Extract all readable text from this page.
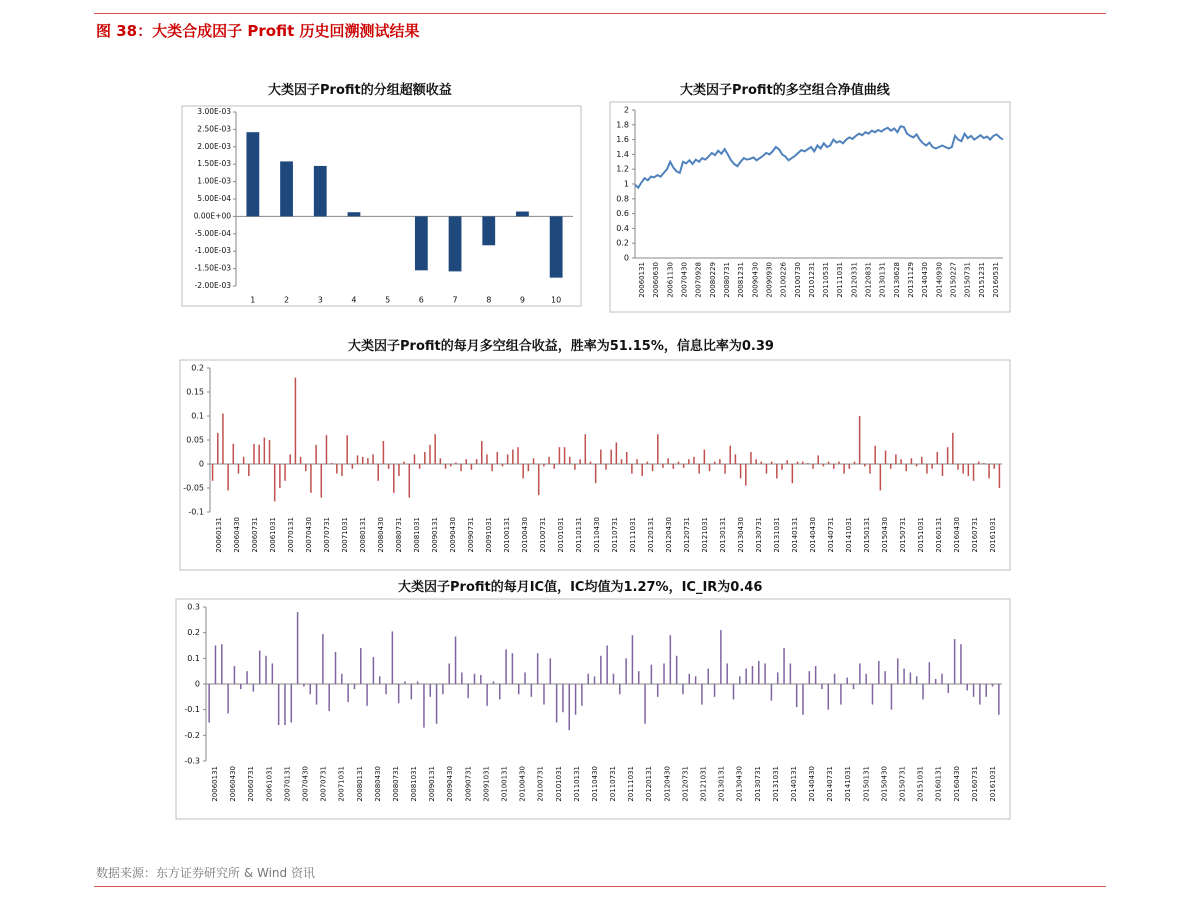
图 38：大类合成因子 Profit 历史回溯测试结果
大类因子Profit的分组超额收益	大类因子Profit的多空组合净值曲线
大类因子Profit的每月多空组合收益，胜率为51.15%，信息比率为0.39
大类因子Profit的每月IC值，IC均值为1.27%，IC_IR为0.46
3.00E-03
2.50E-03
2.00E-03
1.50E-03
1.00E-03
5.00E-04
0.00E+00
-5.00E-04
-1.00E-03
-1.50E-03
-2.00E-03
1	2	3	4	5	6	7	8	9	10
0
0.2
0.4
0.6
0.8
1
1.2
1.4
1.6
1.8
2
20060131 20060630 20061130 20070430 20070928 20080229 20080731 20081231 20090430 20090930 20100226 20100730 20101231 20110531 20111031 20120331 20120831 20130131 20130628 20131129 20140430 20140930 20150227 20150731 20151231 20160531
0.2
0.15
0.1
0.05
0
-0.05
-0.1
20060131 20060430 20060731 20061031 20070131 20070430 20070731 20071031 20080131 20080430 20080731 20081031 20090131 20090430 20090731 20091031 20100131 20100430 20100731 20101031 20110131 20110430 20110731 20111031 20120131 20120430 20120731 20121031 20130131 20130430 20130731 20131031 20140131 20140430 20140731 20141031 20150131 20150430 20150731 20151031 20160131 20160430 20160731 20161031
0.3
0.2
0.1
0
-0.1
-0.2
-0.3
20060131 20060430 20060731 20061031 20070131 20070430 20070731 20071031 20080131 20080430 20080731 20081031 20090131 20090430 20090731 20091031 20100131 20100430 20100731 20101031 20110131 20110430 20110731 20111031 20120131 20120430 20120731 20121031 20130131 20130430 20130731 20131031 20140131 20140430 20140731 20141031 20150131 20150430 20150731 20151031 20160131 20160430 20160731 20161031
数据来源：东方证券研究所 & Wind 资讯
